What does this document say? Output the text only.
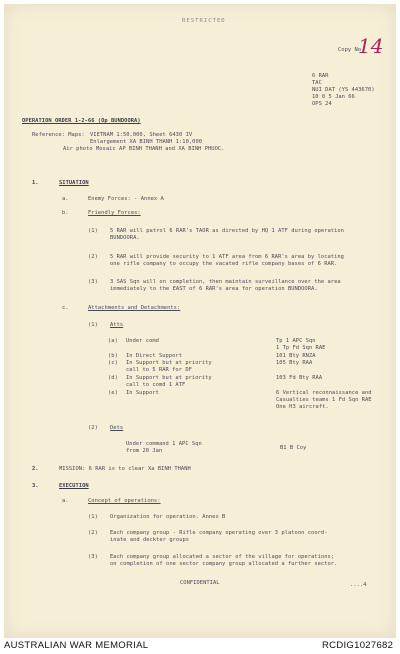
RESTRICTED
Copy No
14
6 RAR
TAC
NUI DAT (YS 443670)
10 0 5 Jan 66
OPS 24
OPERATION ORDER 1-2-66 (Op BUNDOORA)
Reference: Maps: VIETNAM 1:50,000, Sheet 6430 IV
Enlargement XA BINH THANH 1:10,000
Air photo Mosaic AP BINH THANH and XA BINH PHUOC.
1.	SITUATION
a.	Enemy Forces: - Annex A
b.	Friendly Forces:
(1) 5 RAR will patrol 6 RAR's TAOR as directed by HQ 1 ATF during operation
BUNDOORA.
(2) 5 RAR will provide security to 1 ATF area from 6 RAR's area by locating
one rifle company to occupy the vacated rifle company bases of 6 RAR.
(3) 3 SAS Sqn will on completion, then maintain surveillance over the area
immediately to the EAST of 6 RAR's area for operation BUNDOORA.
c.	Attachments and Detachments:
(1) Atts
(a) Under comd	Tp 1 APC Sqn
1 Tp Fd Sqn RAE
(b) In Direct Support	101 Bty RNZA
(c) In Support but at priority	105 Bty RAA
call to 5 RAR for DF
(d) In Support but at priority	103 Fd Bty RAA
call to comd 1 ATF
(e) In Support	6 Vertical reconnaissance and
Casualties teams 1 Fd Sqn RAE
One H3 aircraft.
(2) Dets
Under command 1 APC Sqn
from 20 Jan	B1 B Coy
2.	MISSION: 6 RAR is to clear Xa BINH THANH
3.	EXECUTION
a.	Concept of operations:
(1) Organization for operation. Annex B
(2) Each company group - Rifle company operating over 3 platoon coord-
inate and deckter groups
(3) Each company group allocated a sector of the village for operations;
on completion of one sector company group allocated a further sector.
CONFIDENTIAL	....4
AUSTRALIAN WAR MEMORIAL	RCDIG1027682
